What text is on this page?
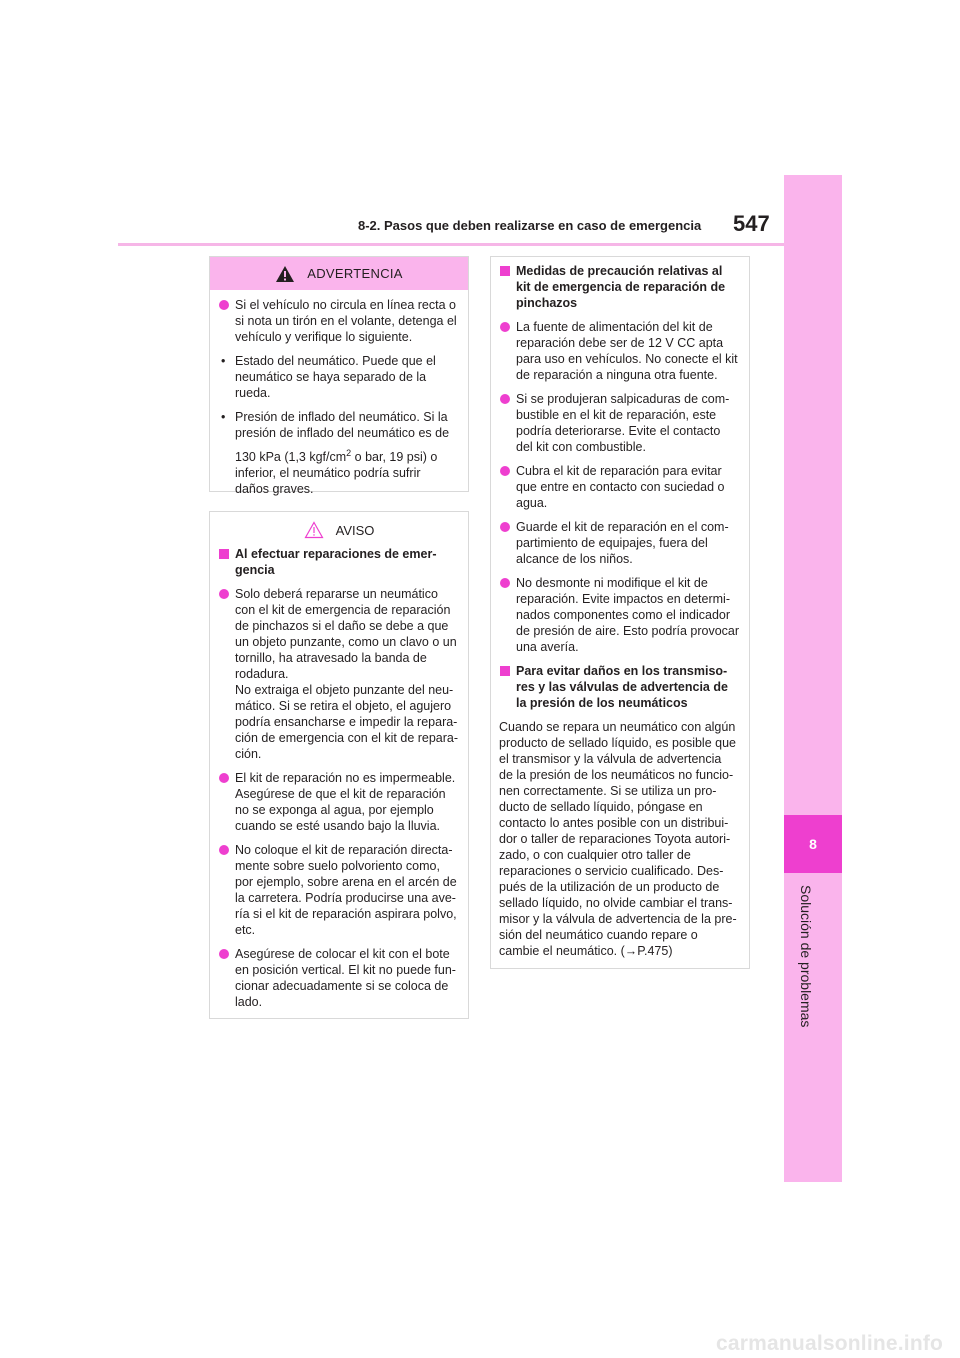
8
Solución de problemas
8-2. Pasos que deben realizarse en caso de emergencia 547
ADVERTENCIA
Si el vehículo no circula en línea recta o
si nota un tirón en el volante, detenga el
vehículo y verifique lo siguiente.
• Estado del neumático. Puede que el
neumático se haya separado de la
rueda.
• Presión de inflado del neumático. Si la
presión de inflado del neumático es de
130 kPa (1,3 kgf/$cm^2$ o bar, 19 psi) o
inferior, el neumático podría sufrir
daños graves.
AVISO
Al efectuar reparaciones de emer-
gencia
Solo deberá repararse un neumático
con el kit de emergencia de reparación
de pinchazos si el daño se debe a que
un objeto punzante, como un clavo o un
tornillo, ha atravesado la banda de
rodadura.
No extraiga el objeto punzante del neu-
mático. Si se retira el objeto, el agujero
podría ensancharse e impedir la repara-
ción de emergencia con el kit de repara-
ción.
El kit de reparación no es impermeable.
Asegúrese de que el kit de reparación
no se exponga al agua, por ejemplo
cuando se esté usando bajo la lluvia.
No coloque el kit de reparación directa-
mente sobre suelo polvoriento como,
por ejemplo, sobre arena en el arcén de
la carretera. Podría producirse una ave-
ría si el kit de reparación aspirara polvo,
etc.
Asegúrese de colocar el kit con el bote
en posición vertical. El kit no puede fun-
cionar adecuadamente si se coloca de
lado.
Medidas de precaución relativas al
kit de emergencia de reparación de
pinchazos
La fuente de alimentación del kit de
reparación debe ser de 12 V CC apta
para uso en vehículos. No conecte el kit
de reparación a ninguna otra fuente.
Si se produjeran salpicaduras de com-
bustible en el kit de reparación, este
podría deteriorarse. Evite el contacto
del kit con combustible.
Cubra el kit de reparación para evitar
que entre en contacto con suciedad o
agua.
Guarde el kit de reparación en el com-
partimiento de equipajes, fuera del
alcance de los niños.
No desmonte ni modifique el kit de
reparación. Evite impactos en determi-
nados componentes como el indicador
de presión de aire. Esto podría provocar
una avería.
Para evitar daños en los transmiso-
res y las válvulas de advertencia de
la presión de los neumáticos
Cuando se repara un neumático con algún
producto de sellado líquido, es posible que
el transmisor y la válvula de advertencia
de la presión de los neumáticos no funcio-
nen correctamente. Si se utiliza un pro-
ducto de sellado líquido, póngase en
contacto lo antes posible con un distribui-
dor o taller de reparaciones Toyota autori-
zado, o con cualquier otro taller de
reparaciones o servicio cualificado. Des-
pués de la utilización de un producto de
sellado líquido, no olvide cambiar el trans-
misor y la válvula de advertencia de la pre-
sión del neumático cuando repare o
cambie el neumático. (→P.475)
carmanualsonline.info
